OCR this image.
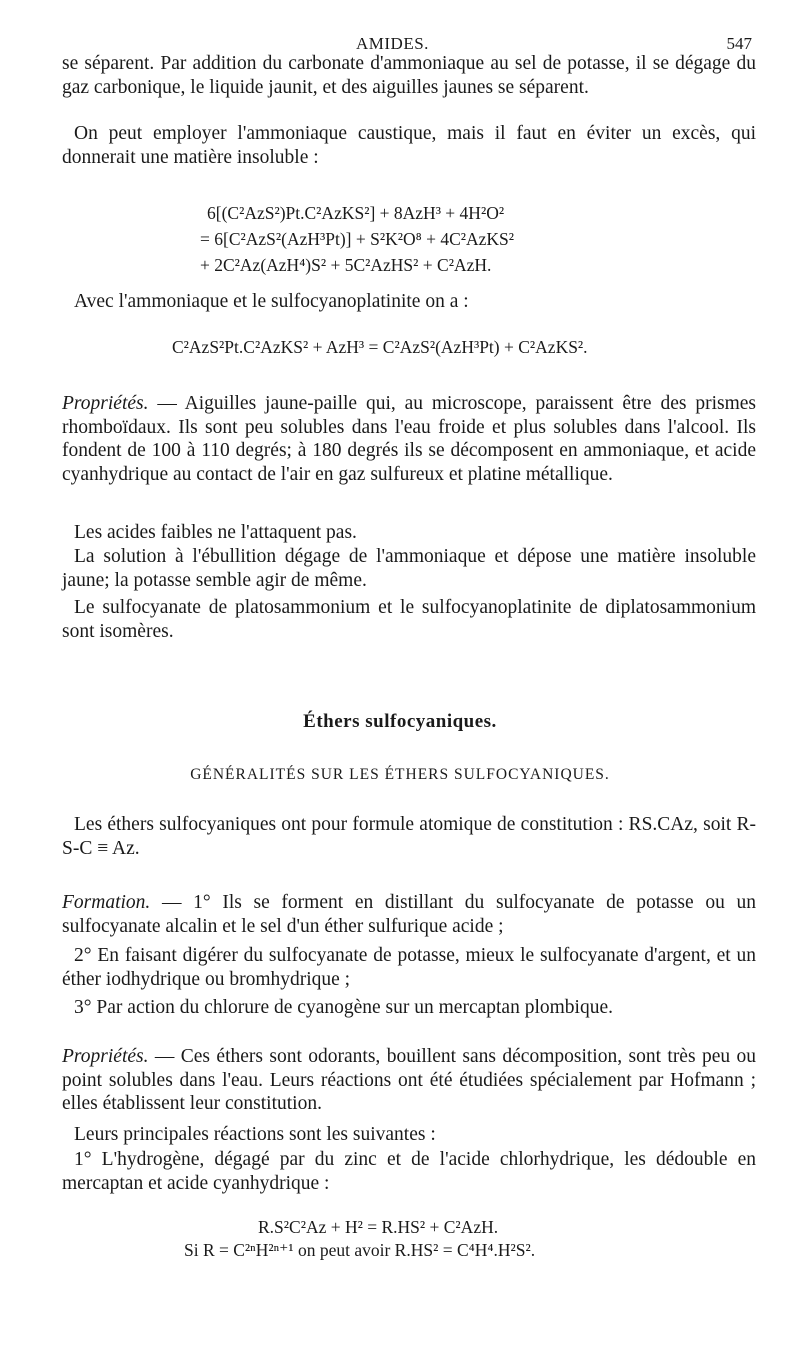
AMIDES.	547

se séparent. Par addition du carbonate d'ammoniaque au sel de potasse, il se dégage du gaz carbonique, le liquide jaunit, et des aiguilles jaunes se séparent.

On peut employer l'ammoniaque caustique, mais il faut en éviter un excès, qui donnerait une matière insoluble :

6[(C²AzS²)Pt.C²AzKS²] + 8AzH³ + 4H²O²
= 6[C²AzS²(AzH³Pt)] + S²K²O⁸ + 4C²AzKS²
+ 2C²Az(AzH⁴)S² + 5C²AzHS² + C²AzH.

Avec l'ammoniaque et le sulfocyanoplatinite on a :

C²AzS²Pt.C²AzKS² + AzH³ = C²AzS²(AzH³Pt) + C²AzKS².

Propriétés. — Aiguilles jaune-paille qui, au microscope, paraissent être des prismes rhomboïdaux. Ils sont peu solubles dans l'eau froide et plus solubles dans l'alcool. Ils fondent de 100 à 110 degrés; à 180 degrés ils se décomposent en ammoniaque, et acide cyanhydrique au contact de l'air en gaz sulfureux et platine métallique.

Les acides faibles ne l'attaquent pas.

La solution à l'ébullition dégage de l'ammoniaque et dépose une matière insoluble jaune; la potasse semble agir de même.

Le sulfocyanate de platosammonium et le sulfocyanoplatinite de diplatosammonium sont isomères.

Éthers sulfocyaniques.
GÉNÉRALITÉS SUR LES ÉTHERS SULFOCYANIQUES.

Les éthers sulfocyaniques ont pour formule atomique de constitution : RS.CAz, soit R-S-C ≡ Az.

Formation. — 1° Ils se forment en distillant du sulfocyanate de potasse ou un sulfocyanate alcalin et le sel d'un éther sulfurique acide ;

2° En faisant digérer du sulfocyanate de potasse, mieux le sulfocyanate d'argent, et un éther iodhydrique ou bromhydrique ;

3° Par action du chlorure de cyanogène sur un mercaptan plombique.

Propriétés. — Ces éthers sont odorants, bouillent sans décomposition, sont très peu ou point solubles dans l'eau. Leurs réactions ont été étudiées spécialement par Hofmann ; elles établissent leur constitution.

Leurs principales réactions sont les suivantes :

1° L'hydrogène, dégagé par du zinc et de l'acide chlorhydrique, les dédouble en mercaptan et acide cyanhydrique :

R.S²C²Az + H² = R.HS² + C²AzH.
Si R = C²ⁿH²ⁿ⁺¹ on peut avoir R.HS² = C⁴H⁴.H²S².
